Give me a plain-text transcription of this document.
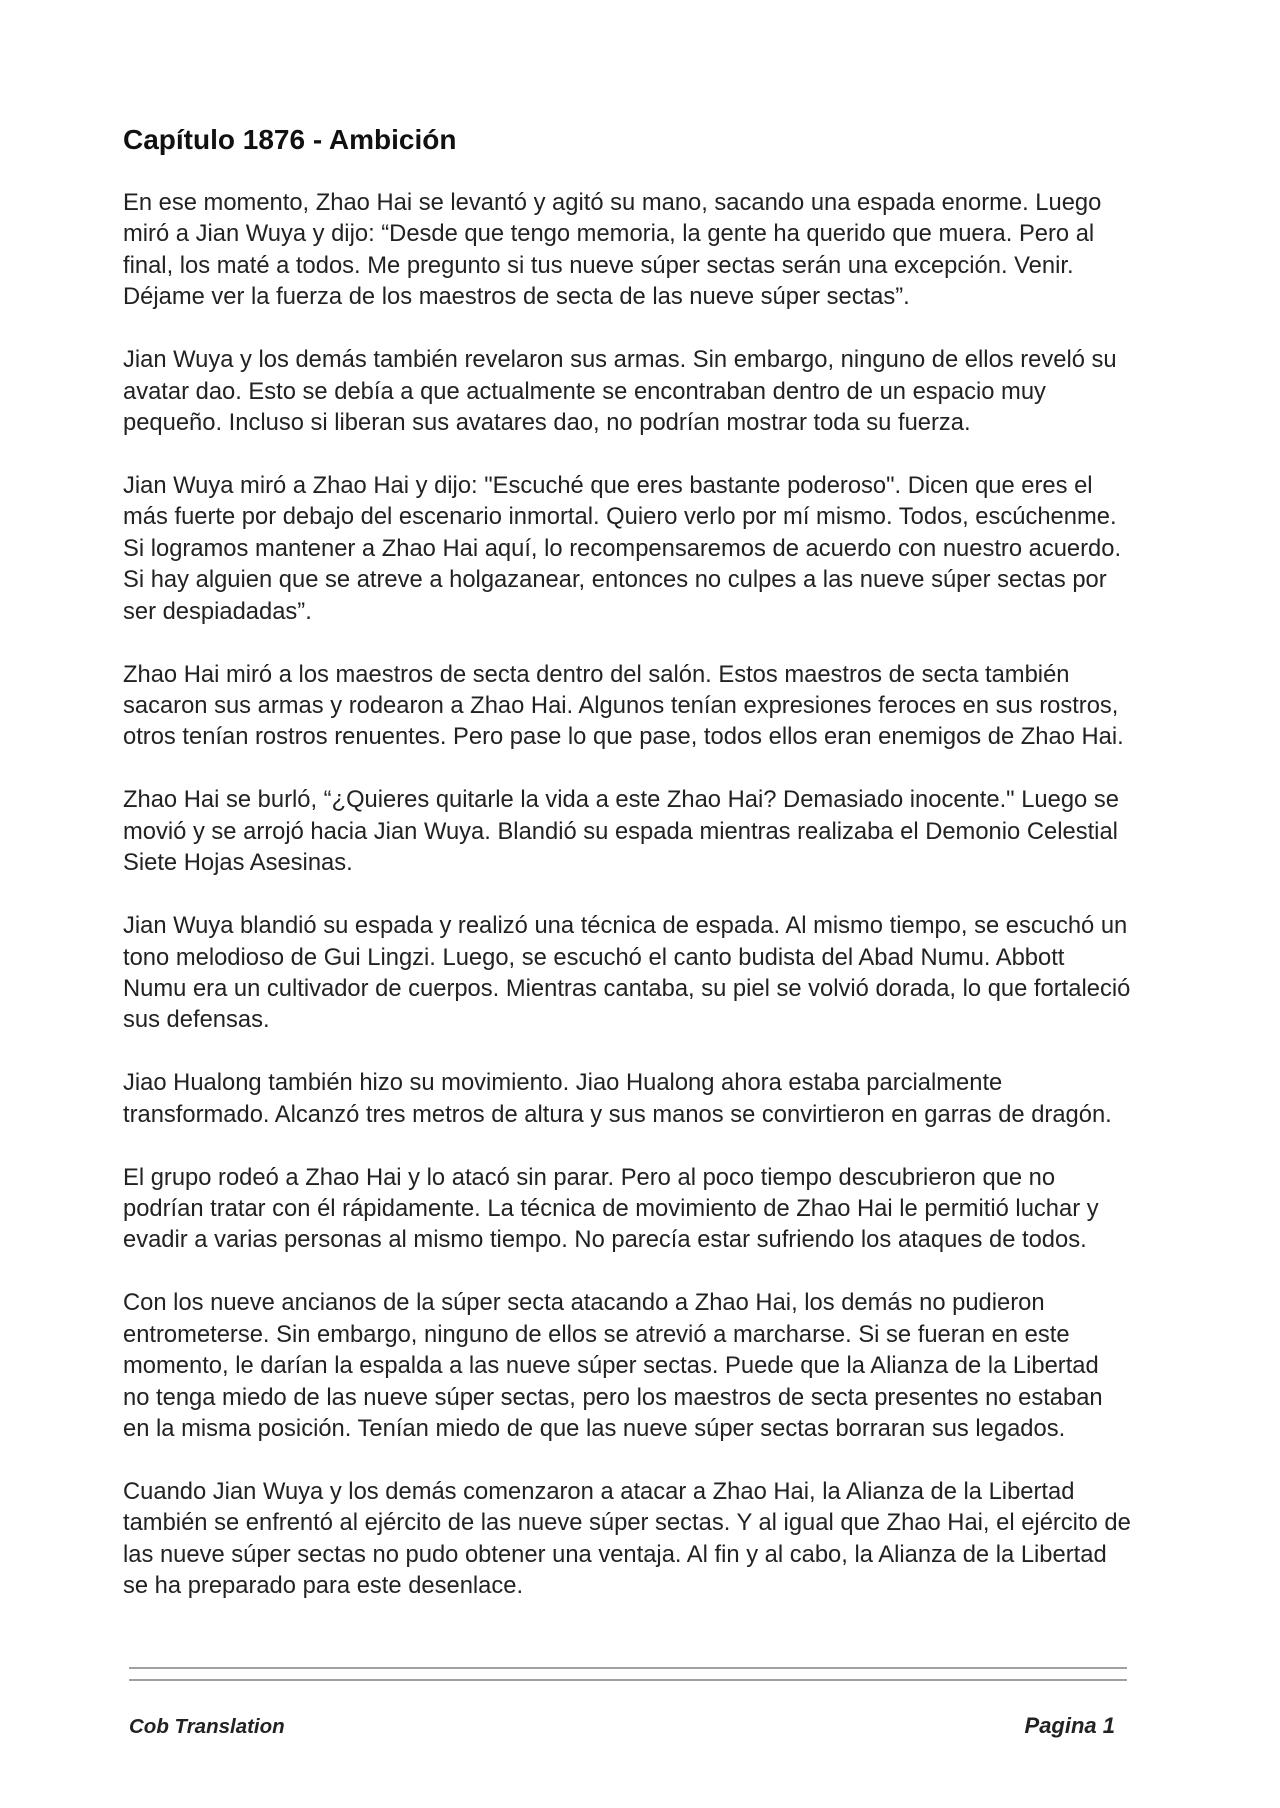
Capítulo 1876 - Ambición
En ese momento, Zhao Hai se levantó y agitó su mano, sacando una espada enorme. Luego
miró a Jian Wuya y dijo: “Desde que tengo memoria, la gente ha querido que muera. Pero al
final, los maté a todos. Me pregunto si tus nueve súper sectas serán una excepción. Venir.
Déjame ver la fuerza de los maestros de secta de las nueve súper sectas”.
Jian Wuya y los demás también revelaron sus armas. Sin embargo, ninguno de ellos reveló su
avatar dao. Esto se debía a que actualmente se encontraban dentro de un espacio muy
pequeño. Incluso si liberan sus avatares dao, no podrían mostrar toda su fuerza.
Jian Wuya miró a Zhao Hai y dijo: "Escuché que eres bastante poderoso". Dicen que eres el
más fuerte por debajo del escenario inmortal. Quiero verlo por mí mismo. Todos, escúchenme.
Si logramos mantener a Zhao Hai aquí, lo recompensaremos de acuerdo con nuestro acuerdo.
Si hay alguien que se atreve a holgazanear, entonces no culpes a las nueve súper sectas por
ser despiadadas”.
Zhao Hai miró a los maestros de secta dentro del salón. Estos maestros de secta también
sacaron sus armas y rodearon a Zhao Hai. Algunos tenían expresiones feroces en sus rostros,
otros tenían rostros renuentes. Pero pase lo que pase, todos ellos eran enemigos de Zhao Hai.
Zhao Hai se burló, “¿Quieres quitarle la vida a este Zhao Hai? Demasiado inocente." Luego se
movió y se arrojó hacia Jian Wuya. Blandió su espada mientras realizaba el Demonio Celestial
Siete Hojas Asesinas.
Jian Wuya blandió su espada y realizó una técnica de espada. Al mismo tiempo, se escuchó un
tono melodioso de Gui Lingzi. Luego, se escuchó el canto budista del Abad Numu. Abbott
Numu era un cultivador de cuerpos. Mientras cantaba, su piel se volvió dorada, lo que fortaleció
sus defensas.
Jiao Hualong también hizo su movimiento. Jiao Hualong ahora estaba parcialmente
transformado. Alcanzó tres metros de altura y sus manos se convirtieron en garras de dragón.
El grupo rodeó a Zhao Hai y lo atacó sin parar. Pero al poco tiempo descubrieron que no
podrían tratar con él rápidamente. La técnica de movimiento de Zhao Hai le permitió luchar y
evadir a varias personas al mismo tiempo. No parecía estar sufriendo los ataques de todos.
Con los nueve ancianos de la súper secta atacando a Zhao Hai, los demás no pudieron
entrometerse. Sin embargo, ninguno de ellos se atrevió a marcharse. Si se fueran en este
momento, le darían la espalda a las nueve súper sectas. Puede que la Alianza de la Libertad
no tenga miedo de las nueve súper sectas, pero los maestros de secta presentes no estaban
en la misma posición. Tenían miedo de que las nueve súper sectas borraran sus legados.
Cuando Jian Wuya y los demás comenzaron a atacar a Zhao Hai, la Alianza de la Libertad
también se enfrentó al ejército de las nueve súper sectas. Y al igual que Zhao Hai, el ejército de
las nueve súper sectas no pudo obtener una ventaja. Al fin y al cabo, la Alianza de la Libertad
se ha preparado para este desenlace.
Cob Translation	Pagina 1
